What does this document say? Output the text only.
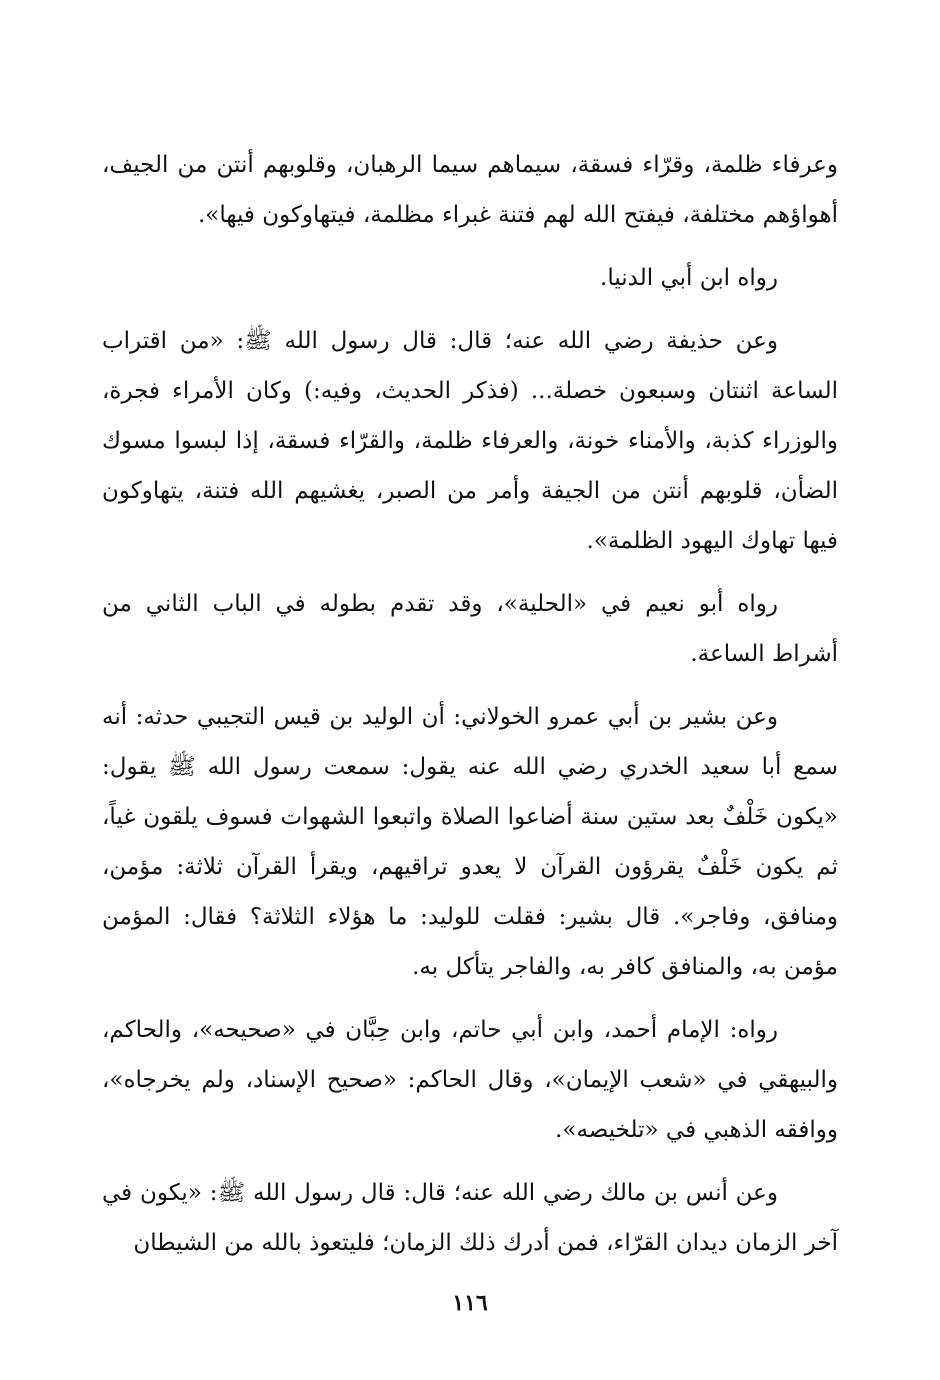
وعرفاء ظلمة، وقرّاء فسقة، سيماهم سيما الرهبان، وقلوبهم أنتن من الجيف، أهواؤهم مختلفة، فيفتح الله لهم فتنة غبراء مظلمة، فيتهاوكون فيها».

رواه ابن أبي الدنيا.

وعن حذيفة رضي الله عنه؛ قال: قال رسول الله ﷺ: «من اقتراب الساعة اثنتان وسبعون خصلة... (فذكر الحديث، وفيه:) وكان الأمراء فجرة، والوزراء كذبة، والأمناء خونة، والعرفاء ظلمة، والقرّاء فسقة، إذا لبسوا مسوك الضأن، قلوبهم أنتن من الجيفة وأمر من الصبر، يغشيهم الله فتنة، يتهاوكون فيها تهاوك اليهود الظلمة».

رواه أبو نعيم في «الحلية»، وقد تقدم بطوله في الباب الثاني من أشراط الساعة.

وعن بشير بن أبي عمرو الخولاني: أن الوليد بن قيس التجيبي حدثه: أنه سمع أبا سعيد الخدري رضي الله عنه يقول: سمعت رسول الله ﷺ يقول: «يكون خَلْفٌ بعد ستين سنة أضاعوا الصلاة واتبعوا الشهوات فسوف يلقون غياً، ثم يكون خَلْفٌ يقرؤون القرآن لا يعدو تراقيهم، ويقرأ القرآن ثلاثة: مؤمن، ومنافق، وفاجر». قال بشير: فقلت للوليد: ما هؤلاء الثلاثة؟ فقال: المؤمن مؤمن به، والمنافق كافر به، والفاجر يتأكل به.

رواه: الإمام أحمد، وابن أبي حاتم، وابن حِبَّان في «صحيحه»، والحاكم، والبيهقي في «شعب الإيمان»، وقال الحاكم: «صحيح الإسناد، ولم يخرجاه»، ووافقه الذهبي في «تلخيصه».

وعن أنس بن مالك رضي الله عنه؛ قال: قال رسول الله ﷺ: «يكون في آخر الزمان ديدان القرّاء، فمن أدرك ذلك الزمان؛ فليتعوذ بالله من الشيطان

١١٦
